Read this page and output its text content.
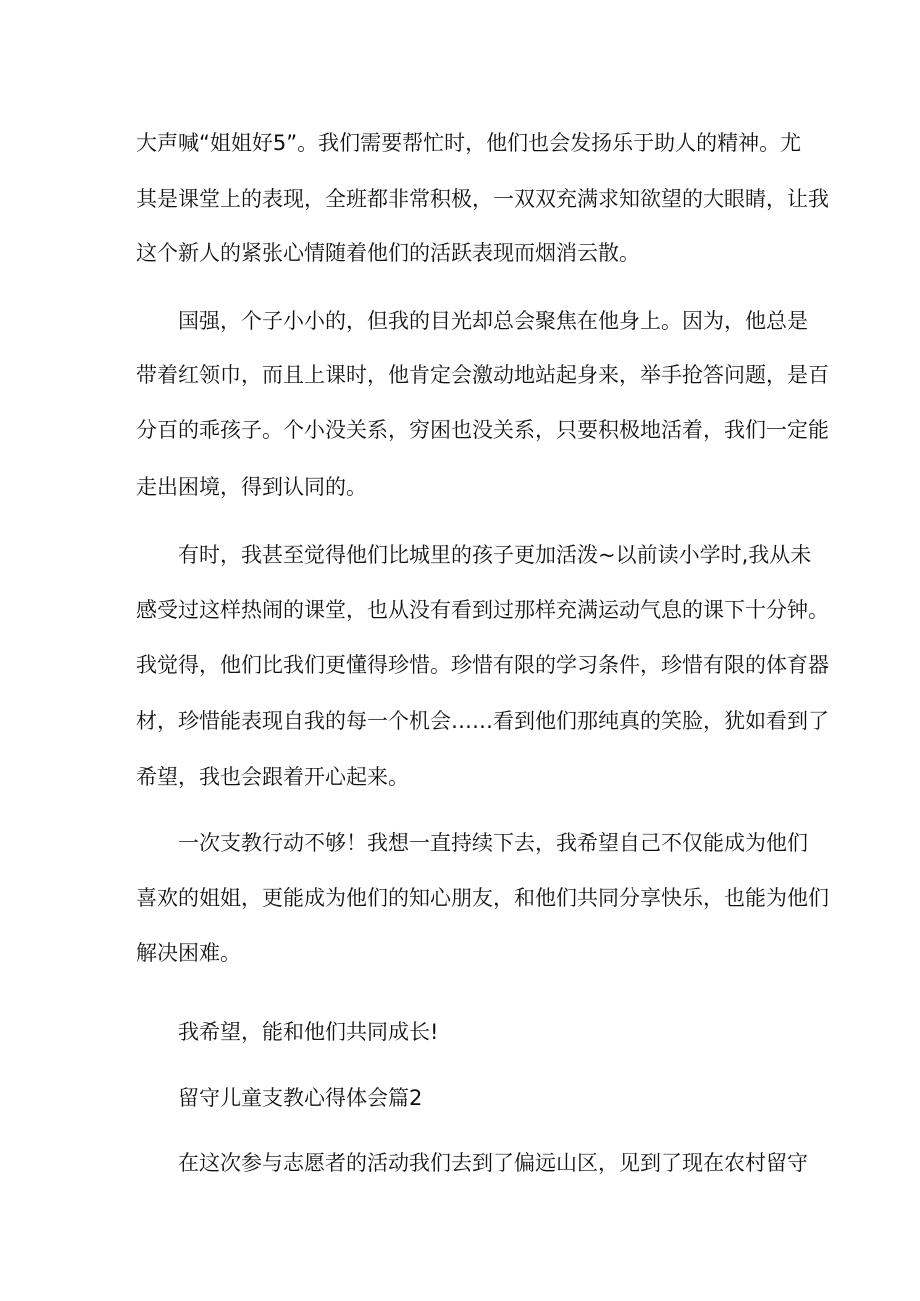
大声喊“姐姐好5”。我们需要帮忙时，他们也会发扬乐于助人的精神。尤
其是课堂上的表现，全班都非常积极，一双双充满求知欲望的大眼睛，让我
这个新人的紧张心情随着他们的活跃表现而烟消云散。
国强，个子小小的，但我的目光却总会聚焦在他身上。因为，他总是
带着红领巾，而且上课时，他肯定会激动地站起身来，举手抢答问题，是百
分百的乖孩子。个小没关系，穷困也没关系，只要积极地活着，我们一定能
走出困境，得到认同的。
有时，我甚至觉得他们比城里的孩子更加活泼~以前读小学时,我从未
感受过这样热闹的课堂，也从没有看到过那样充满运动气息的课下十分钟。
我觉得，他们比我们更懂得珍惜。珍惜有限的学习条件，珍惜有限的体育器
材，珍惜能表现自我的每一个机会……看到他们那纯真的笑脸，犹如看到了
希望，我也会跟着开心起来。
一次支教行动不够！我想一直持续下去，我希望自己不仅能成为他们
喜欢的姐姐，更能成为他们的知心朋友，和他们共同分享快乐，也能为他们
解决困难。
我希望，能和他们共同成长!
留守儿童支教心得体会篇2
在这次参与志愿者的活动我们去到了偏远山区，见到了现在农村留守
